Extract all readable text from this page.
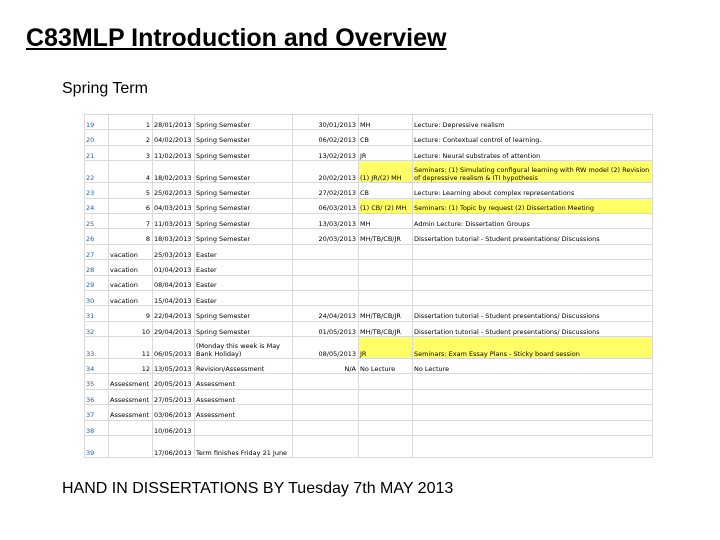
C83MLP Introduction and Overview
Spring Term
19	1	28/01/2013	Spring Semester	30/01/2013	MH	Lecture: Depressive realism
20	2	04/02/2013	Spring Semester	06/02/2013	CB	Lecture: Contextual control of learning.
21	3	11/02/2013	Spring Semester	13/02/2013	JR	Lecture: Neural substrates of attention
22	4	18/02/2013	Spring Semester	20/02/2013	(1) JR/(2) MH	Seminars: (1) Simulating configural learning with RW model (2) Revision of depressive realism & ITI hypothesis
23	5	25/02/2013	Spring Semester	27/02/2013	CB	Lecture: Learning about complex representations
24	6	04/03/2013	Spring Semester	06/03/2013	(1) CB/ (2) MH	Seminars: (1) Topic by request (2) Dissertation Meeting
25	7	11/03/2013	Spring Semester	13/03/2013	MH	Admin Lecture: Dissertation Groups
26	8	18/03/2013	Spring Semester	20/03/2013	MH/TB/CB/JR	Dissertation tutorial - Student presentations/ Discussions
27	vacation	25/03/2013	Easter			
28	vacation	01/04/2013	Easter			
29	vacation	08/04/2013	Easter			
30	vacation	15/04/2013	Easter			
31	9	22/04/2013	Spring Semester	24/04/2013	MH/TB/CB/JR	Dissertation tutorial - Student presentations/ Discussions
32	10	29/04/2013	Spring Semester	01/05/2013	MH/TB/CB/JR	Dissertation tutorial - Student presentations/ Discussions
33	11	06/05/2013	(Monday this week is May Bank Holiday)	08/05/2013	JR	Seminars: Exam Essay Plans - Sticky board session
34	12	13/05/2013	Revision/Assessment	N/A	No Lecture	No Lecture
35	Assessment	20/05/2013	Assessment			
36	Assessment	27/05/2013	Assessment			
37	Assessment	03/06/2013	Assessment			
38		10/06/2013				
39		17/06/2013	Term finishes Friday 21 June			
HAND IN DISSERTATIONS BY Tuesday 7th MAY 2013
